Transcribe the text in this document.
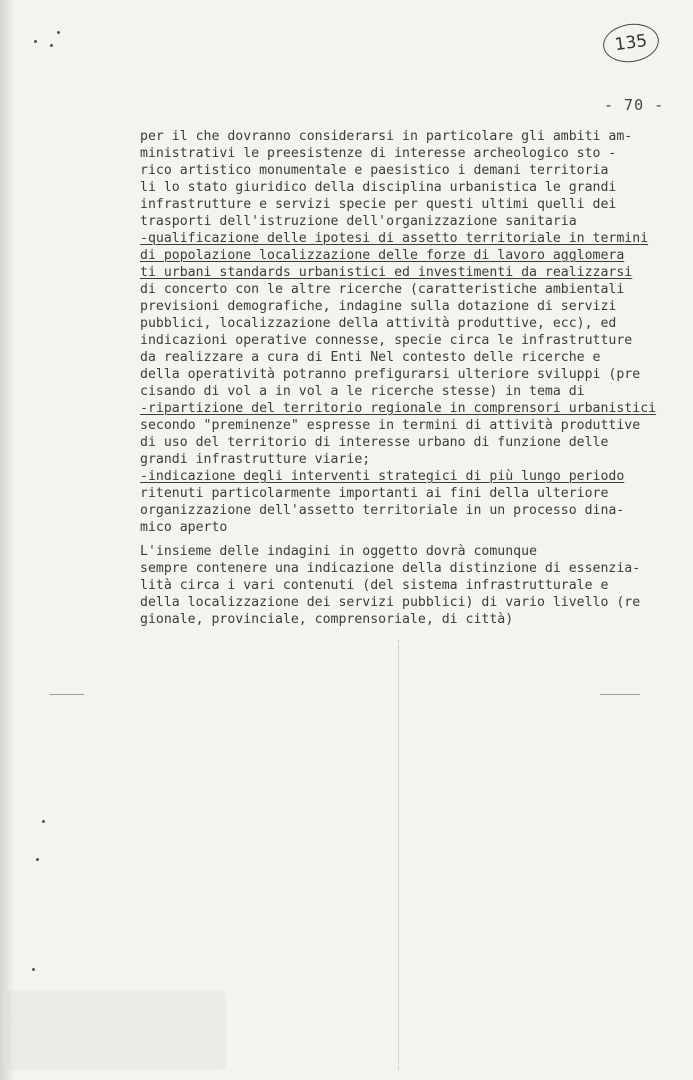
135
- 70 -
per il che dovranno considerarsi in particolare gli ambiti am-
ministrativi le preesistenze di interesse archeologico sto -
rico artistico monumentale e paesistico i demani territoria
li lo stato giuridico della disciplina urbanistica le grandi
infrastrutture e servizi specie per questi ultimi quelli dei
trasporti dell'istruzione dell'organizzazione sanitaria
-qualificazione delle ipotesi di assetto territoriale in termini
di popolazione localizzazione delle forze di lavoro agglomera
ti urbani standards urbanistici ed investimenti da realizzarsi
di concerto con le altre ricerche (caratteristiche ambientali
previsioni demografiche, indagine sulla dotazione di servizi
pubblici, localizzazione della attività produttive, ecc), ed
indicazioni operative connesse, specie circa le infrastrutture
da realizzare a cura di Enti Nel contesto delle ricerche e
della operatività potranno prefigurarsi ulteriore sviluppi (pre
cisando di vol a in vol a le ricerche stesse) in tema di
-ripartizione del territorio regionale in comprensori urbanistici
secondo "preminenze" espresse in termini di attività produttive
di uso del territorio di interesse urbano di funzione delle
grandi infrastrutture viarie;
-indicazione degli interventi strategici di più lungo periodo
ritenuti particolarmente importanti ai fini della ulteriore
organizzazione dell'assetto territoriale in un processo dina-
mico aperto
L'insieme delle indagini in oggetto dovrà comunque
sempre contenere una indicazione della distinzione di essenzia-
lità circa i vari contenuti (del sistema infrastrutturale e
della localizzazione dei servizi pubblici) di vario livello (re
gionale, provinciale, comprensoriale, di città)
